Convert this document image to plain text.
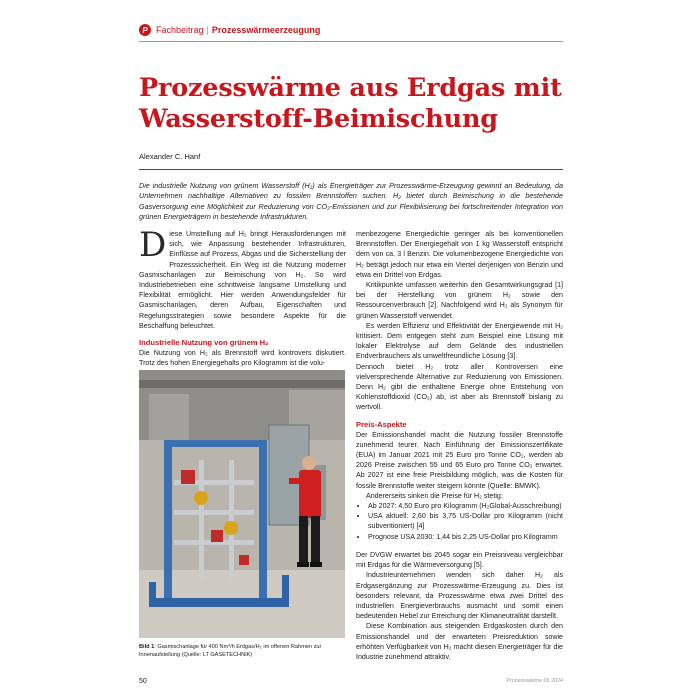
P Fachbeitrag | Prozesswärmeerzeugung
Prozesswärme aus Erdgas mit Wasserstoff-Beimischung
Alexander C. Hanf
Die industrielle Nutzung von grünem Wasserstoff (H₂) als Energieträger zur Prozesswärme-Erzeugung gewinnt an Bedeutung, da Unternehmen nachhaltige Alternativen zu fossilen Brennstoffen suchen. H₂ bietet durch Beimischung in die bestehende Gasversorgung eine Möglichkeit zur Reduzierung von CO₂-Emissionen und zur Flexibilisierung bei fortschreitender Integration von grünen Energieträgern in bestehende Infrastrukturen.

Diese Umstellung auf H₂ bringt Herausforderungen mit sich, wie Anpassung bestehender Infrastrukturen, Einflüsse auf Prozess, Abgas und die Sicherstellung der Prozesssicherheit. Ein Weg ist die Nutzung moderner Gasmischanlagen zur Beimischung von H₂. So wird Industriebetrieben eine schrittweise langsame Umstellung und Flexibilität ermöglicht. Hier werden Anwendungsfelder für Gasmischanlagen, deren Aufbau, Eigenschaften und Regelungsstrategien sowie besondere Aspekte für die Beschaffung beleuchtet.

Industrielle Nutzung von grünem H₂

Die Nutzung von H₂ als Brennstoff wird kontrovers diskutiert. Trotz des hohen Energiegehalts pro Kilogramm ist die volu-

Bild 1: Gasmischanlage für 400 Nm³/h Erdgas/H₂ im offenen Rahmen zur Innenaufstellung (Quelle: LT GASETECHNIK)

menbezogene Energiedichte geringer als bei konventionellen Brennstoffen. Der Energiegehalt von 1 kg Wasserstoff entspricht dem von ca. 3 l Benzin. Die volumenbezogene Energiedichte von H₂ beträgt jedoch nur etwa ein Viertel derjenigen von Benzin und etwa ein Drittel von Erdgas.

Kritikpunkte umfassen weiterhin den Gesamtwirkungsgrad [1] bei der Herstellung von grünem H₂ sowie den Ressourcenverbrauch [2]. Nachfolgend wird H₂ als Synonym für grünen Wasserstoff verwendet.

Es werden Effizienz und Effektivität der Energiewende mit H₂ kritisiert. Dem entgegen steht zum Beispiel eine Lösung mit lokaler Elektrolyse auf dem Gelände des industriellen Endverbrauchers als umweltfreundliche Lösung [3].

Dennoch bietet H₂ trotz aller Kontroversen eine vielversprechende Alternative zur Reduzierung von Emissionen. Denn H₂ gibt die enthaltene Energie ohne Entstehung von Kohlenstoffdioxid (CO₂) ab, ist aber als Brennstoff bislang zu wertvoll.

Preis-Aspekte

Der Emissionshandel macht die Nutzung fossiler Brennstoffe zunehmend teurer. Nach Einführung der Emissionszertifikate (EUA) im Januar 2021 mit 25 Euro pro Tonne CO₂, werden ab 2026 Preise zwischen 55 und 65 Euro pro Tonne CO₂ erwartet. Ab 2027 ist eine freie Preisbildung möglich, was die Kosten für fossile Brennstoffe weiter steigern könnte (Quelle: BMWK).

Andererseits sinken die Preise für H₂ stetig:

• Ab 2027: 4,50 Euro pro Kilogramm (H₂Global-Ausschreibung)
• USA aktuell: 2,60 bis 3,75 US-Dollar pro Kilogramm (nicht subventioniert) [4]
• Prognose USA 2030: 1,44 bis 2,25 US-Dollar pro Kilogramm

Der DVGW erwartet bis 2045 sogar ein Preisniveau vergleichbar mit Erdgas für die Wärmeversorgung [5].

Industrieunternehmen wenden sich daher H₂ als Erdgasergänzung zur Prozesswärme-Erzeugung zu. Dies ist besonders relevant, da Prozesswärme etwa zwei Drittel des industriellen Energieverbrauchs ausmacht und somit einen bedeutenden Hebel zur Erreichung der Klimaneutralität darstellt.

Diese Kombination aus steigenden Erdgaskosten durch den Emissionshandel und der erwarteten Preisreduktion sowie erhöhten Verfügbarkeit von H₂ macht diesen Energieträger für die Industrie zunehmend attraktiv.

50	Prozesswärme 06 2024
